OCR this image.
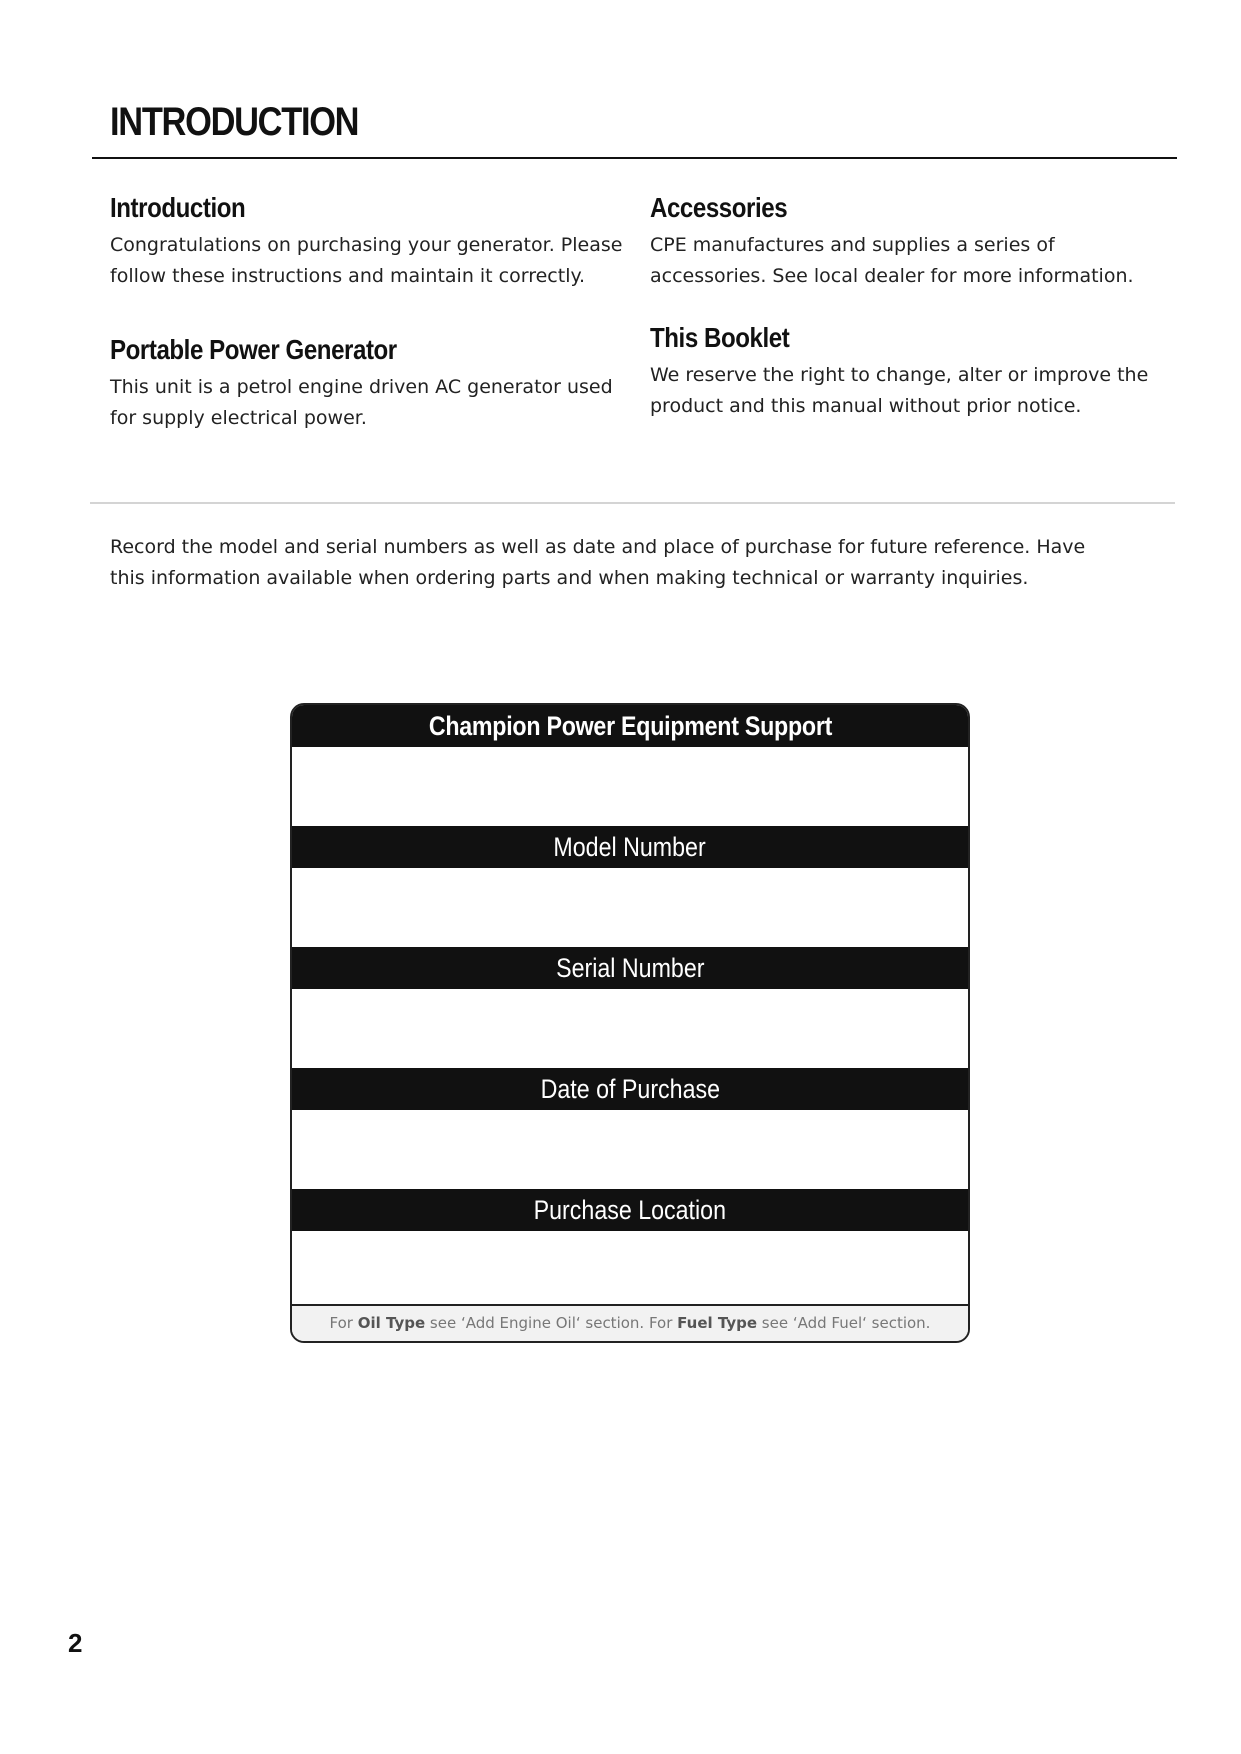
INTRODUCTION
Introduction

Congratulations on purchasing your generator. Please follow these instructions and maintain it correctly.

Accessories

CPE manufactures and supplies a series of accessories. See local dealer for more information.

Portable Power Generator

This unit is a petrol engine driven AC generator used for supply electrical power.

This Booklet

We reserve the right to change, alter or improve the product and this manual without prior notice.

Record the model and serial numbers as well as date and place of purchase for future reference. Have this information available when ordering parts and when making technical or warranty inquiries.

Champion Power Equipment Support
Model Number
Serial Number
Date of Purchase
Purchase Location
For Oil Type see ‘Add Engine Oil‘ section. For Fuel Type see ‘Add Fuel‘ section.
2
